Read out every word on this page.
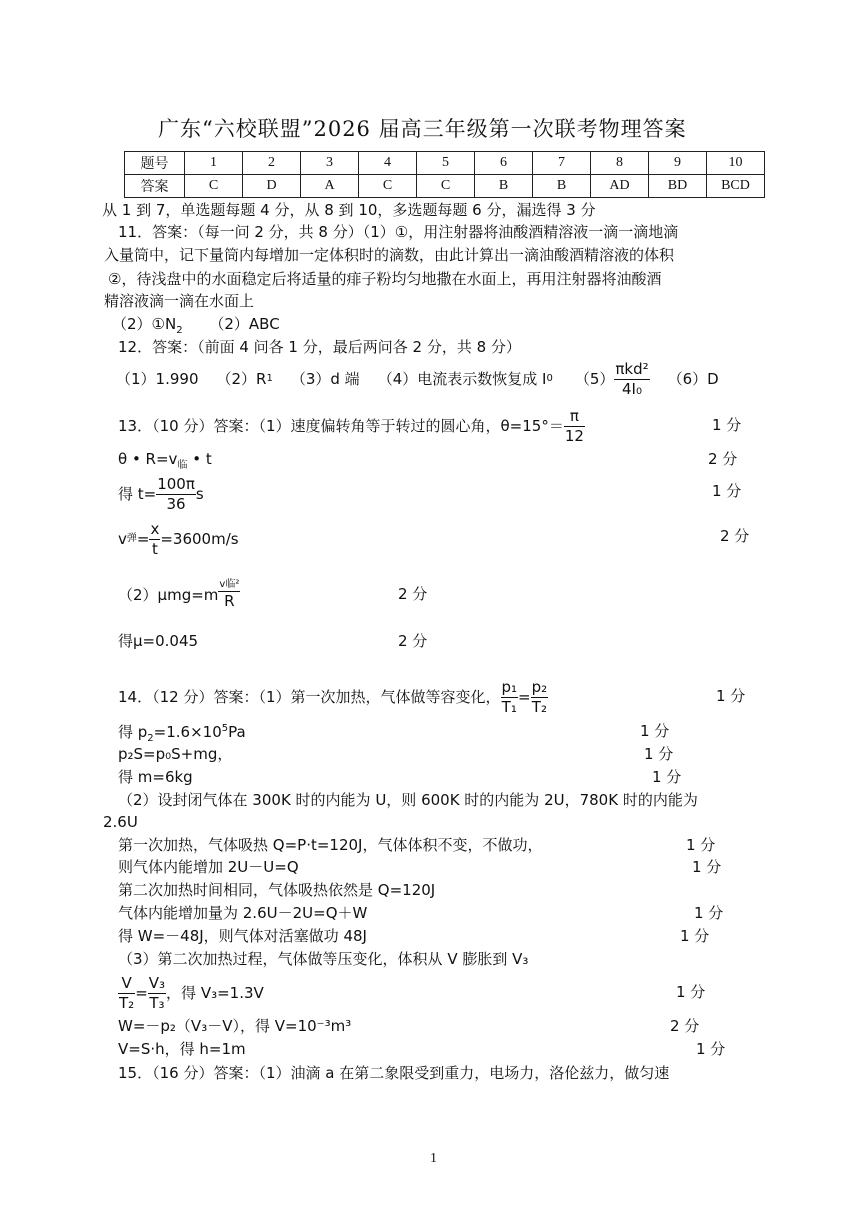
广东“六校联盟”2026 届高三年级第一次联考物理答案
题号	1	2	3	4	5	6	7	8	9	10
答案	C	D	A	C	C	B	B	AD	BD	BCD
从 1 到 7，单选题每题 4 分，从 8 到 10，多选题每题 6 分，漏选得 3 分
11．答案：（每一问 2 分，共 8 分）（1）①，用注射器将油酸酒精溶液一滴一滴地滴
入量筒中，记下量筒内每增加一定体积时的滴数，由此计算出一滴油酸酒精溶液的体积
②，待浅盘中的水面稳定后将适量的痱子粉均匀地撒在水面上，再用注射器将油酸酒
精溶液滴一滴在水面上
$(2)①N_2$ （2）ABC
12．答案：（前面 4 问各 1 分，最后两问各 2 分，共 8 分）
（1）1.990 （2）R 1 （3）d 端 （4）电流表示数恢复成 I 0 $(5) \frac{\text{πkd²}}{\text{4I₀}} (6)D$
13．（10 分）答案：（1）速度偏转角等于转过的圆心角，$\theta=15^\circ= \frac{\pi}{12}$	1 分
θ • $R=v_临$ • t	2 分
得 $t= \frac{100\pi}{36}$ s	1 分
v 弹 = $\frac{x}{t} =3600m/s$	2 分
$(2)\mu mg=m \frac{\text{v临²}}{R}$	2 分
得μ=0.045	2 分
14．（12 分）答案：（1）第一次加热，气体做等容变化， $\frac{\text{p₁}}{\text{T₁}} = \frac{\text{p₂}}{\text{T₂}}$	1 分
得 $p_2=1.6\times 10^5Pa$	1 分
p₂S=p₀S+mg，	1 分
得 m=6kg	1 分
（2）设封闭气体在 300K 时的内能为 U，则 600K 时的内能为 2U，780K 时的内能为
2.6U
第一次加热，气体吸热 Q=P·t=120J，气体体积不变，不做功，	1 分
则气体内能增加 2U－U=Q	1 分
第二次加热时间相同，气体吸热依然是 Q=120J
气体内能增加量为 2.6U－2U=Q＋W	1 分
得 W=－48J，则气体对活塞做功 48J	1 分
（3）第二次加热过程，气体做等压变化，体积从 V 膨胀到 V₃
$\frac{V}{\text{T₂}} = \frac{\text{V₃}}{\text{T₃}}$ ，得 V₃=1.3V	1 分
W=－p₂（V₃－V），得 V=10⁻³m³	2 分
V=S·h，得 h=1m	1 分
15．（16 分）答案：（1）油滴 a 在第二象限受到重力，电场力，洛伦兹力，做匀速
1
